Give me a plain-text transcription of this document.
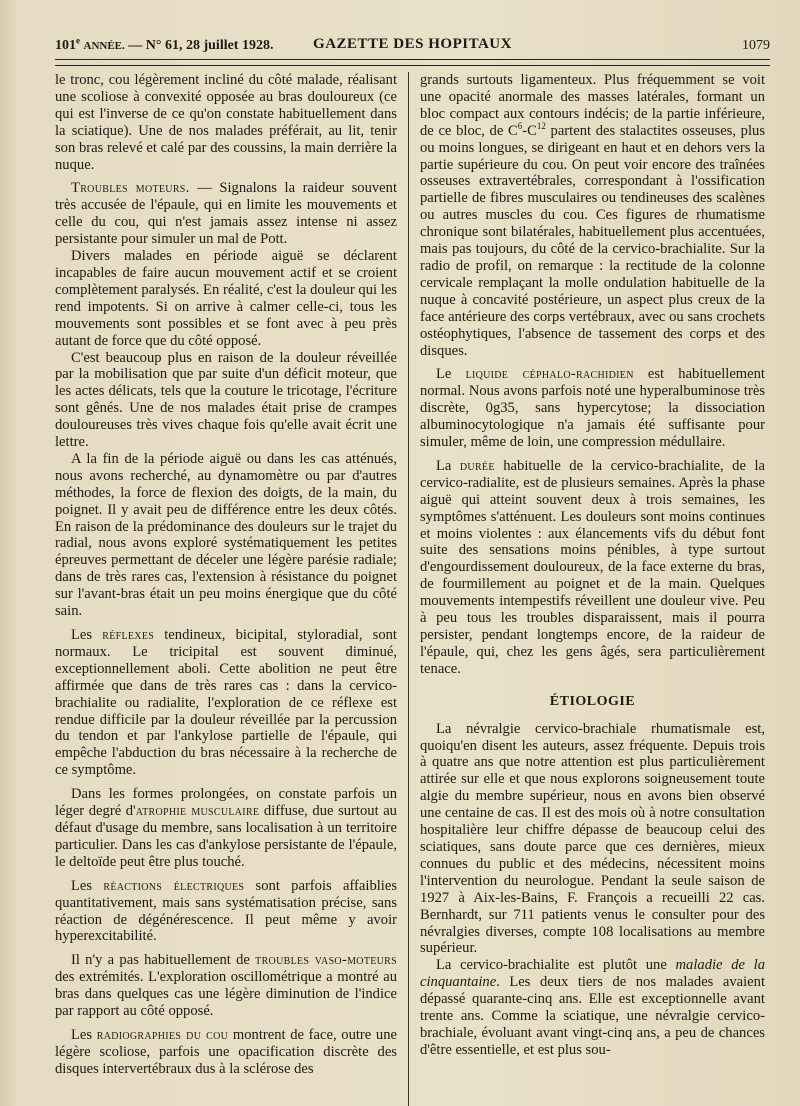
101e ANNÉE. — N° 61, 28 juillet 1928.	GAZETTE DES HOPITAUX	1079

le tronc, cou légèrement incliné du côté malade, réalisant une scoliose à convexité opposée au bras douloureux (ce qui est l'inverse de ce qu'on constate habituellement dans la sciatique). Une de nos malades préférait, au lit, tenir son bras relevé et calé par des coussins, la main derrière la nuque.

Troubles moteurs. — Signalons la raideur souvent très accusée de l'épaule, qui en limite les mouvements et celle du cou, qui n'est jamais assez intense ni assez persistante pour simuler un mal de Pott.

Divers malades en période aiguë se déclarent incapables de faire aucun mouvement actif et se croient complètement paralysés. En réalité, c'est la douleur qui les rend impotents. Si on arrive à calmer celle-ci, tous les mouvements sont possibles et se font avec à peu près autant de force que du côté opposé.

C'est beaucoup plus en raison de la douleur réveillée par la mobilisation que par suite d'un déficit moteur, que les actes délicats, tels que la couture le tricotage, l'écriture sont gênés. Une de nos malades était prise de crampes douloureuses très vives chaque fois qu'elle avait écrit une lettre.

A la fin de la période aiguë ou dans les cas atténués, nous avons recherché, au dynamomètre ou par d'autres méthodes, la force de flexion des doigts, de la main, du poignet. Il y avait peu de différence entre les deux côtés. En raison de la prédominance des douleurs sur le trajet du radial, nous avons exploré systématiquement les petites épreuves permettant de déceler une légère parésie radiale; dans de très rares cas, l'extension à résistance du poignet sur l'avant-bras était un peu moins énergique que du côté sain.

Les réflexes tendineux, bicipital, styloradial, sont normaux. Le tricipital est souvent diminué, exceptionnellement aboli. Cette abolition ne peut être affirmée que dans de très rares cas : dans la cervico-brachialite ou radialite, l'exploration de ce réflexe est rendue difficile par la douleur réveillée par la percussion du tendon et par l'ankylose partielle de l'épaule, qui empêche l'abduction du bras nécessaire à la recherche de ce symptôme.

Dans les formes prolongées, on constate parfois un léger degré d'atrophie musculaire diffuse, due surtout au défaut d'usage du membre, sans localisation à un territoire particulier. Dans les cas d'ankylose persistante de l'épaule, le deltoïde peut être plus touché.

Les réactions électriques sont parfois affaiblies quantitativement, mais sans systématisation précise, sans réaction de dégénérescence. Il peut même y avoir hyperexcitabilité.

Il n'y a pas habituellement de troubles vaso-moteurs des extrémités. L'exploration oscillométrique a montré au bras dans quelques cas une légère diminution de l'indice par rapport au côté opposé.

Les radiographies du cou montrent de face, outre une légère scoliose, parfois une opacification discrète des disques intervertébraux dus à la sclérose des

grands surtouts ligamenteux. Plus fréquemment se voit une opacité anormale des masses latérales, formant un bloc compact aux contours indécis; de la partie inférieure, de ce bloc, de $C^6-C^{12}$ partent des stalactites osseuses, plus ou moins longues, se dirigeant en haut et en dehors vers la partie supérieure du cou. On peut voir encore des traînées osseuses extravertébrales, correspondant à l'ossification partielle de fibres musculaires ou tendineuses des scalènes ou autres muscles du cou. Ces figures de rhumatisme chronique sont bilatérales, habituellement plus accentuées, mais pas toujours, du côté de la cervico-brachialite. Sur la radio de profil, on remarque : la rectitude de la colonne cervicale remplaçant la molle ondulation habituelle de la nuque à concavité postérieure, un aspect plus creux de la face antérieure des corps vertébraux, avec ou sans crochets ostéophytiques, l'absence de tassement des corps et des disques.

Le liquide céphalo-rachidien est habituellement normal. Nous avons parfois noté une hyperalbuminose très discrète, 0g35, sans hypercytose; la dissociation albuminocytologique n'a jamais été suffisante pour simuler, même de loin, une compression médullaire.

La durée habituelle de la cervico-brachialite, de la cervico-radialite, est de plusieurs semaines. Après la phase aiguë qui atteint souvent deux à trois semaines, les symptômes s'atténuent. Les douleurs sont moins continues et moins violentes : aux élancements vifs du début font suite des sensations moins pénibles, à type surtout d'engourdissement douloureux, de la face externe du bras, de fourmillement au poignet et de la main. Quelques mouvements intempestifs réveillent une douleur vive. Peu à peu tous les troubles disparaissent, mais il pourra persister, pendant longtemps encore, de la raideur de l'épaule, qui, chez les gens âgés, sera particulièrement tenace.

ÉTIOLOGIE

La névralgie cervico-brachiale rhumatismale est, quoiqu'en disent les auteurs, assez fréquente. Depuis trois à quatre ans que notre attention est plus particulièrement attirée sur elle et que nous explorons soigneusement toute algie du membre supérieur, nous en avons bien observé une centaine de cas. Il est des mois où à notre consultation hospitalière leur chiffre dépasse de beaucoup celui des sciatiques, sans doute parce que ces dernières, mieux connues du public et des médecins, nécessitent moins l'intervention du neurologue. Pendant la seule saison de 1927 à Aix-les-Bains, F. François a recueilli 22 cas. Bernhardt, sur 711 patients venus le consulter pour des névralgies diverses, compte 108 localisations au membre supérieur.

La cervico-brachialite est plutôt une maladie de la cinquantaine. Les deux tiers de nos malades avaient dépassé quarante-cinq ans. Elle est exceptionnelle avant trente ans. Comme la sciatique, une névralgie cervico-brachiale, évoluant avant vingt-cinq ans, a peu de chances d'être essentielle, et est plus sou-
